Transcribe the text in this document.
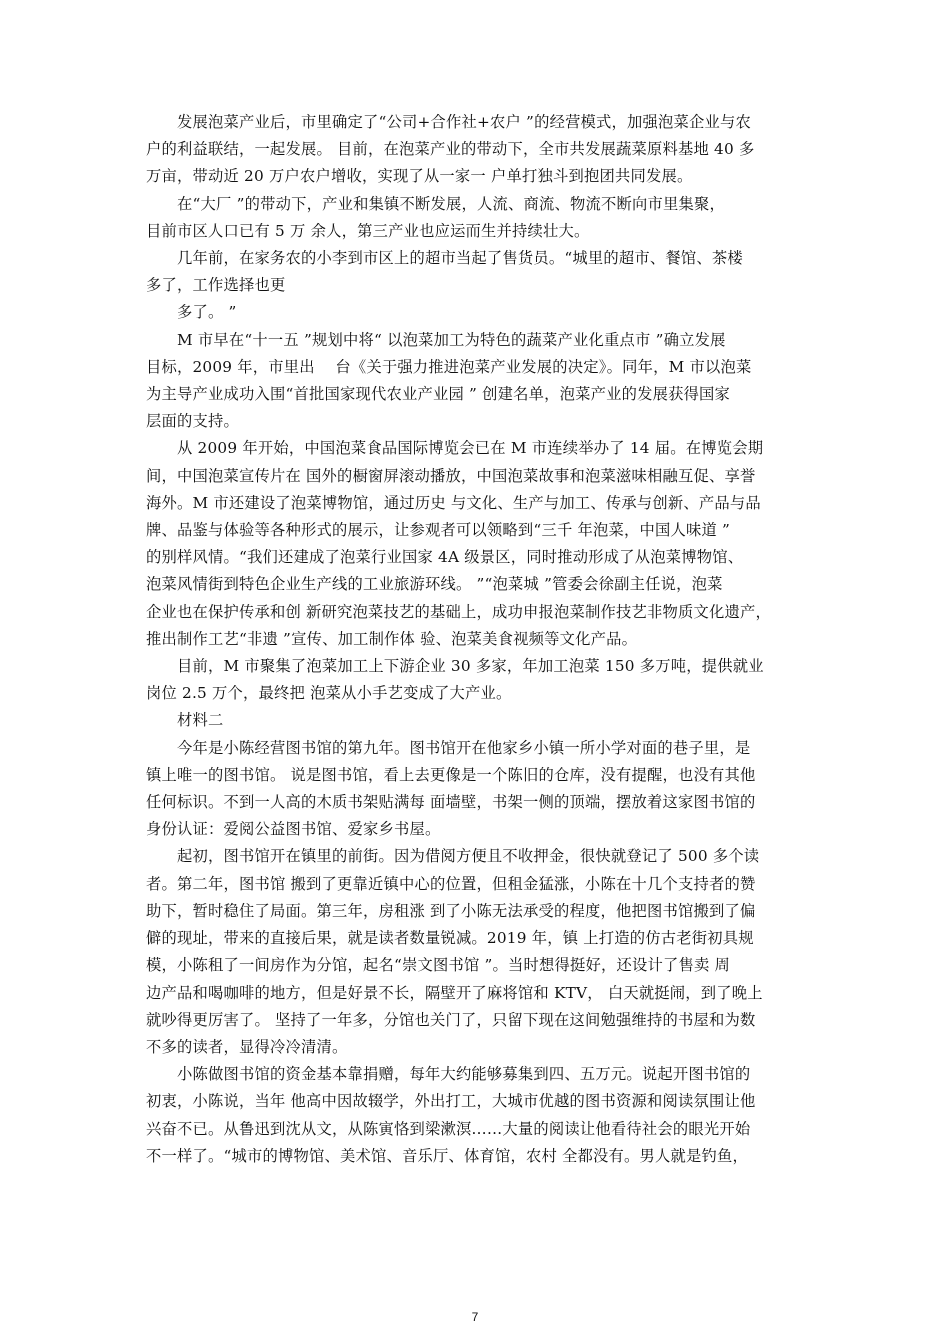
　　发展泡菜产业后，市里确定了“公司+合作社+农户 ”的经营模式，加强泡菜企业与农

户的利益联结，一起发展。 目前，在泡菜产业的带动下，全市共发展蔬菜原料基地 40 多

万亩，带动近 20 万户农户增收，实现了从一家一 户单打独斗到抱团共同发展。

　　在“大厂 ”的带动下，产业和集镇不断发展，人流、商流、物流不断向市里集聚，

目前市区人口已有 5 万 余人，第三产业也应运而生并持续壮大。

　　几年前，在家务农的小李到市区上的超市当起了售货员。“城里的超市、餐馆、茶楼

多了，工作选择也更

　　多了。 ”

　　M 市早在“十一五 ”规划中将“ 以泡菜加工为特色的蔬菜产业化重点市 ”确立发展

目标，2009 年，市里出　 台《关于强力推进泡菜产业发展的决定》。同年，M 市以泡菜

为主导产业成功入围“首批国家现代农业产业园 ” 创建名单，泡菜产业的发展获得国家

层面的支持。

　　从 2009 年开始，中国泡菜食品国际博览会已在 M 市连续举办了 14 届。在博览会期

间，中国泡菜宣传片在 国外的橱窗屏滚动播放，中国泡菜故事和泡菜滋味相融互促、享誉

海外。M 市还建设了泡菜博物馆，通过历史 与文化、生产与加工、传承与创新、产品与品

牌、品鉴与体验等各种形式的展示，让参观者可以领略到“三千 年泡菜，中国人味道 ”

的别样风情。“我们还建成了泡菜行业国家 4A 级景区，同时推动形成了从泡菜博物馆、

泡菜风情街到特色企业生产线的工业旅游环线。 ”“泡菜城 ”管委会徐副主任说，泡菜

企业也在保护传承和创 新研究泡菜技艺的基础上，成功申报泡菜制作技艺非物质文化遗产，

推出制作工艺“非遗 ”宣传、加工制作体 验、泡菜美食视频等文化产品。

　　目前，M 市聚集了泡菜加工上下游企业 30 多家，年加工泡菜 150 多万吨，提供就业

岗位 2.5 万个，最终把 泡菜从小手艺变成了大产业。

　　材料二

　　今年是小陈经营图书馆的第九年。图书馆开在他家乡小镇一所小学对面的巷子里，是

镇上唯一的图书馆。 说是图书馆，看上去更像是一个陈旧的仓库，没有提醒，也没有其他

任何标识。不到一人高的木质书架贴满每 面墙壁，书架一侧的顶端，摆放着这家图书馆的

身份认证：爱阅公益图书馆、爱家乡书屋。

　　起初，图书馆开在镇里的前街。因为借阅方便且不收押金，很快就登记了 500 多个读

者。第二年，图书馆 搬到了更靠近镇中心的位置，但租金猛涨，小陈在十几个支持者的赞

助下，暂时稳住了局面。第三年，房租涨 到了小陈无法承受的程度，他把图书馆搬到了偏

僻的现址，带来的直接后果，就是读者数量锐减。2019 年，镇 上打造的仿古老街初具规

模，小陈租了一间房作为分馆，起名“崇文图书馆 ”。当时想得挺好，还设计了售卖 周

边产品和喝咖啡的地方，但是好景不长，隔壁开了麻将馆和 KTV， 白天就挺闹，到了晚上

就吵得更厉害了。 坚持了一年多，分馆也关门了，只留下现在这间勉强维持的书屋和为数

不多的读者，显得冷冷清清。

　　小陈做图书馆的资金基本靠捐赠，每年大约能够募集到四、五万元。说起开图书馆的

初衷，小陈说，当年 他高中因故辍学，外出打工，大城市优越的图书资源和阅读氛围让他

兴奋不已。从鲁迅到沈从文，从陈寅恪到梁漱溟……大量的阅读让他看待社会的眼光开始

不一样了。“城市的博物馆、美术馆、音乐厅、体育馆，农村 全都没有。男人就是钓鱼，

7
